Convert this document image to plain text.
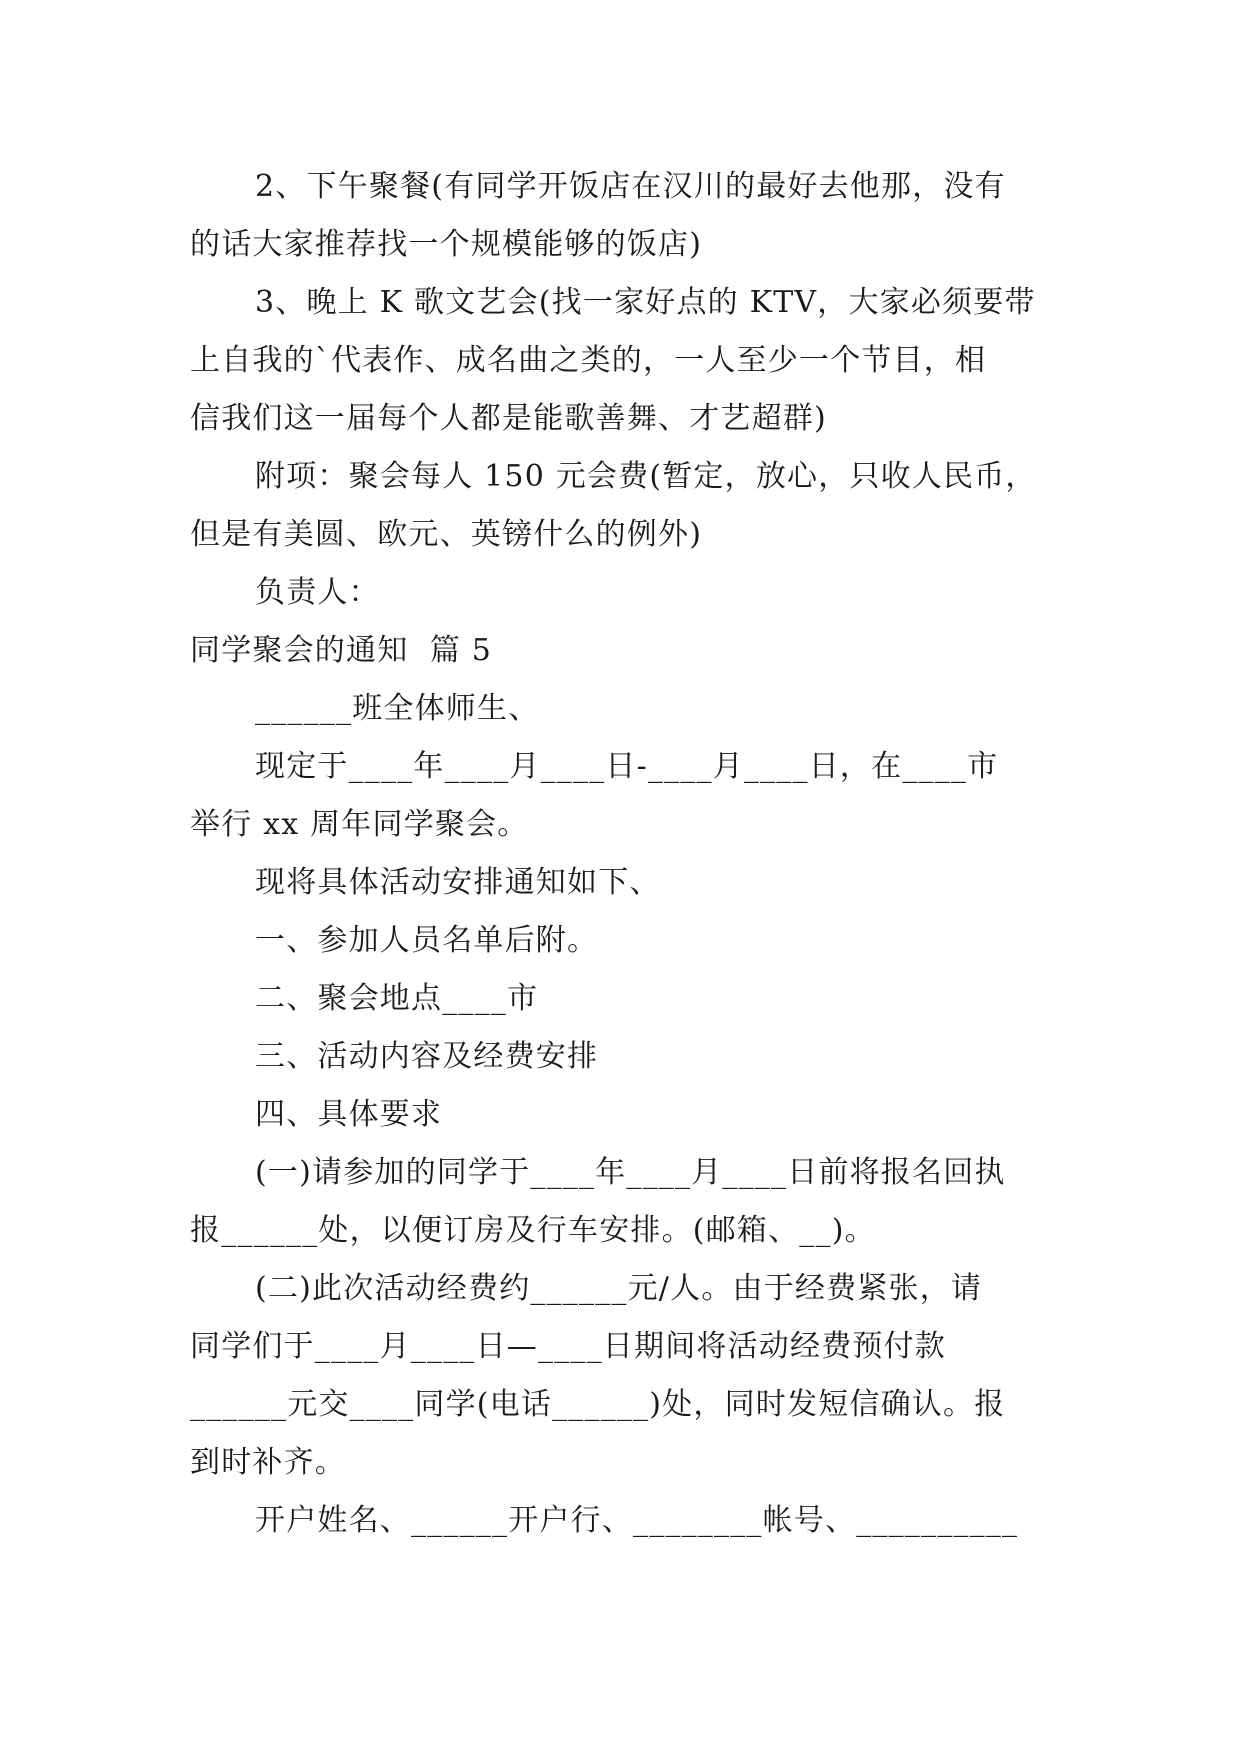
2、下午聚餐(有同学开饭店在汉川的最好去他那，没有
的话大家推荐找一个规模能够的饭店)
3、晚上 K 歌文艺会(找一家好点的 KTV，大家必须要带
上自我的`代表作、成名曲之类的，一人至少一个节目，相
信我们这一届每个人都是能歌善舞、才艺超群)
附项：聚会每人 150 元会费(暂定，放心，只收人民币，
但是有美圆、欧元、英镑什么的例外)
负责人：
同学聚会的通知  篇 5
______班全体师生、
现定于____年____月____日-____月____日，在____市
举行 xx 周年同学聚会。
现将具体活动安排通知如下、
一、参加人员名单后附。
二、聚会地点____市
三、活动内容及经费安排
四、具体要求
(一)请参加的同学于____年____月____日前将报名回执
报______处，以便订房及行车安排。(邮箱、__)。
(二)此次活动经费约______元/人。由于经费紧张，请
同学们于____月____日—____日期间将活动经费预付款
______元交____同学(电话______)处，同时发短信确认。报
到时补齐。
开户姓名、______开户行、________帐号、__________
